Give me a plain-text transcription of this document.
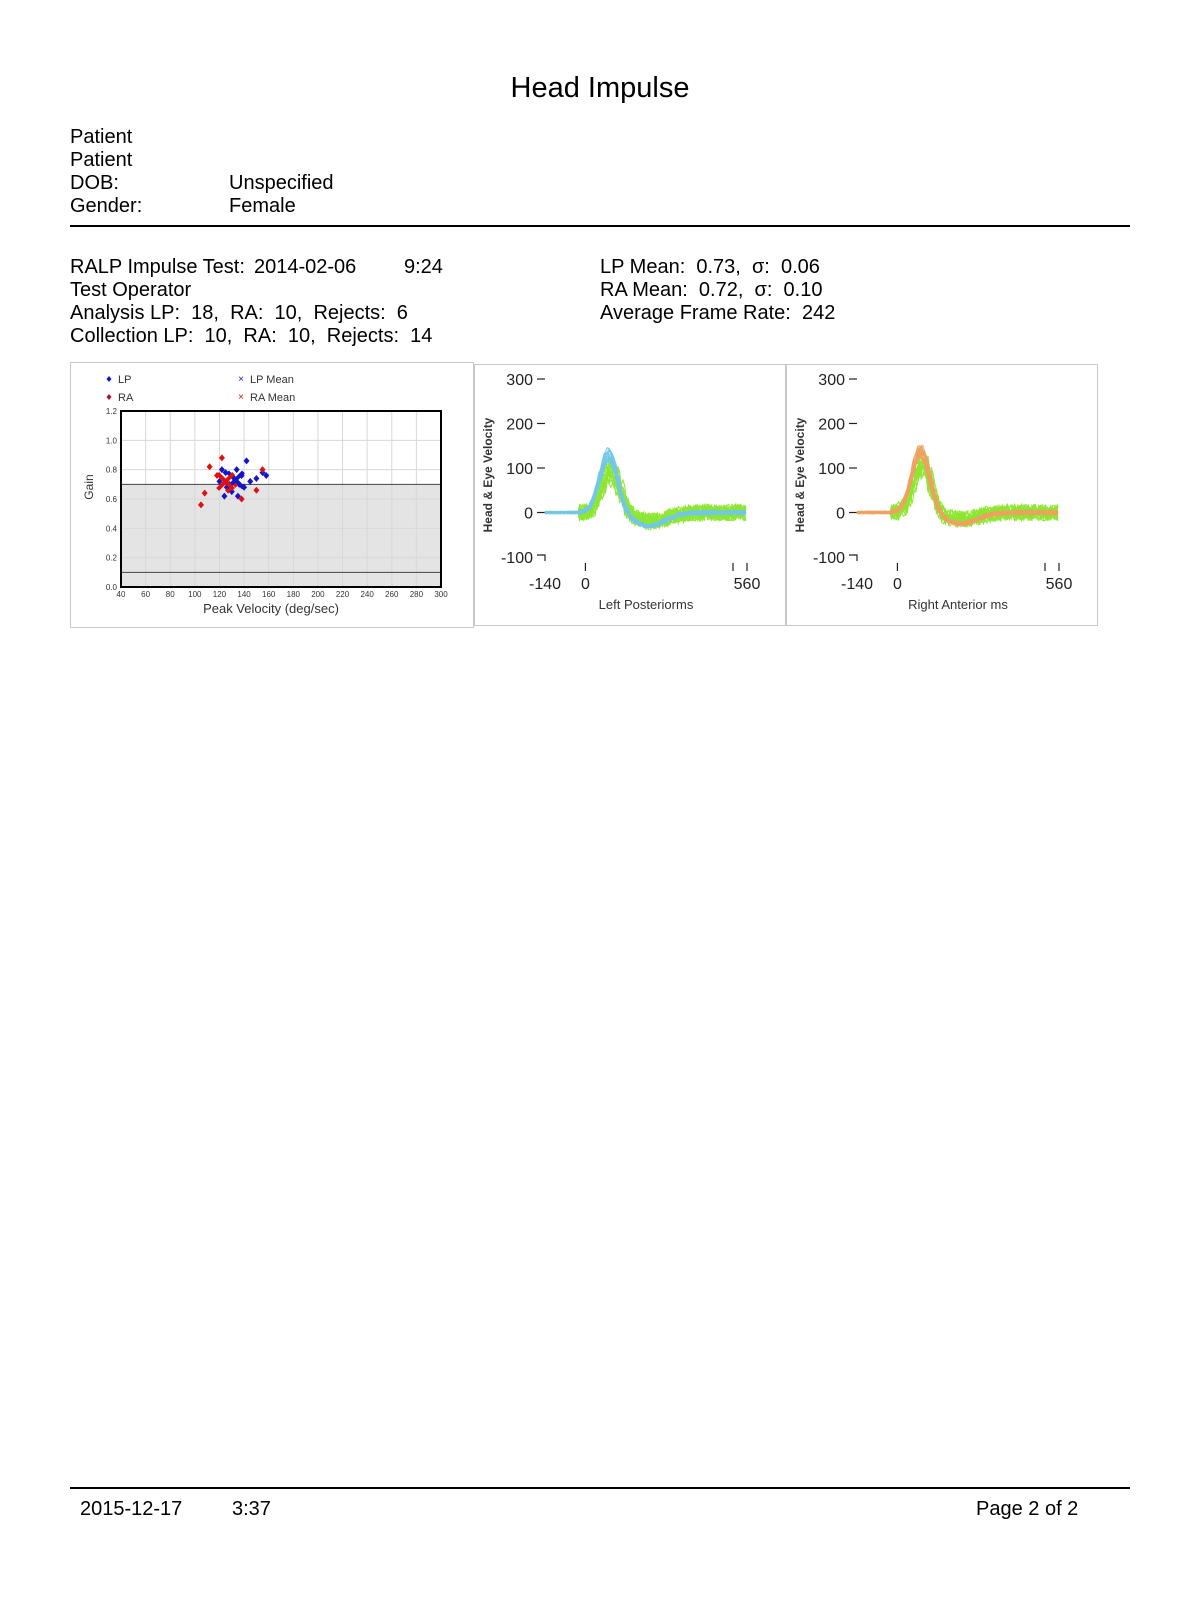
Head Impulse
Patient
Patient
DOB:	Unspecified
Gender:	Female
RALP Impulse Test: 2014-02-06 9:24
Test Operator
Analysis LP:  18,  RA:  10,  Rejects:  6
Collection LP:  10,  RA:  10,  Rejects:  14
LP Mean:  0.73,  σ:  0.06
RA Mean:  0.72,  σ:  0.10
Average Frame Rate:  242
40 60 80 100 120 140 160 180 200 220 240 260 280 300
0.0
0.2
0.4
0.6
0.8
1.0
1.2
LP
RA
× LP Mean
× RA Mean
Peak Velocity (deg/sec)
Gain
300
200
100
0
-100
-140 0	560
Left Posteriorms
Head & Eye Velocity
300
200
100
0
-100
-140 0	560
Right Anterior ms
Head & Eye Velocity
2015-12-17 3:37	Page 2 of 2
